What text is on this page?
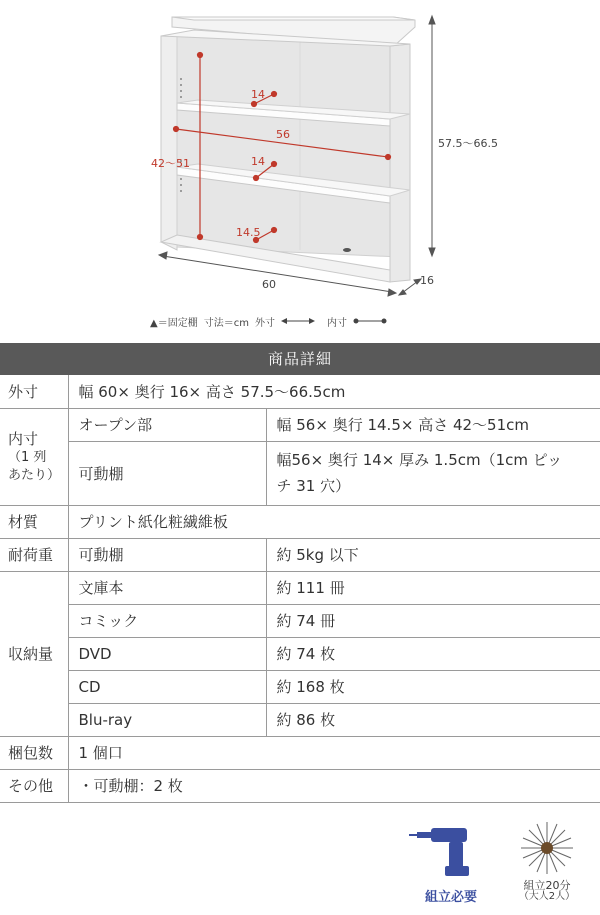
57.5〜66.5
16
60
14
56
42〜51	14
14.5
▲＝固定棚 寸法＝cm 外寸	内寸
商品詳細
外寸	幅 60× 奥行 16× 高さ 57.5〜66.5cm	

内寸
（1 列
あたり）	オープン部	幅 56× 奥行 14.5× 高さ 42〜51cm
	可動棚	幅56× 奥行 14× 厚み 1.5cm（1cm ピッ
チ 31 穴）

材質	プリント紙化粧繊維板	
耐荷重	可動棚	約 5kg 以下
収納量	文庫本	約 111 冊
	コミック	約 74 冊
	DVD	約 74 枚
	CD	約 168 枚
	Blu-ray	約 86 枚
梱包数	1 個口	
その他	・可動棚：2 枚	
組立必要
組立20分
（大人2人）
